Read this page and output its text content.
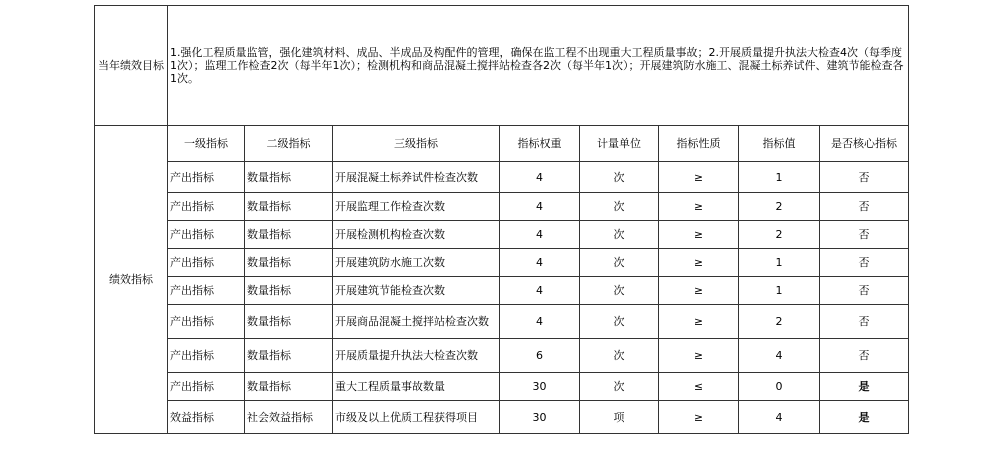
当年绩效目标	1.强化工程质量监管，强化建筑材料、成品、半成品及构配件的管理，确保在监工程不出现重大工程质量事故；2.开展质量提升执法大检查4次（每季度1次）；监理工作检查2次（每半年1次）；检测机构和商品混凝土搅拌站检查各2次（每半年1次）；开展建筑防水施工、混凝土标养试件、建筑节能检查各1次。							
绩效指标	一级指标	二级指标	三级指标	指标权重	计量单位	指标性质	指标值	是否核心指标
	产出指标	数量指标	开展混凝土标养试件检查次数	4	次	≥	1	否
	产出指标	数量指标	开展监理工作检查次数	4	次	≥	2	否
	产出指标	数量指标	开展检测机构检查次数	4	次	≥	2	否
	产出指标	数量指标	开展建筑防水施工次数	4	次	≥	1	否
	产出指标	数量指标	开展建筑节能检查次数	4	次	≥	1	否
	产出指标	数量指标	开展商品混凝土搅拌站检查次数	4	次	≥	2	否
	产出指标	数量指标	开展质量提升执法大检查次数	6	次	≥	4	否
	产出指标	数量指标	重大工程质量事故数量	30	次	≤	0	是
	效益指标	社会效益指标	市级及以上优质工程获得项目	30	项	≥	4	是
